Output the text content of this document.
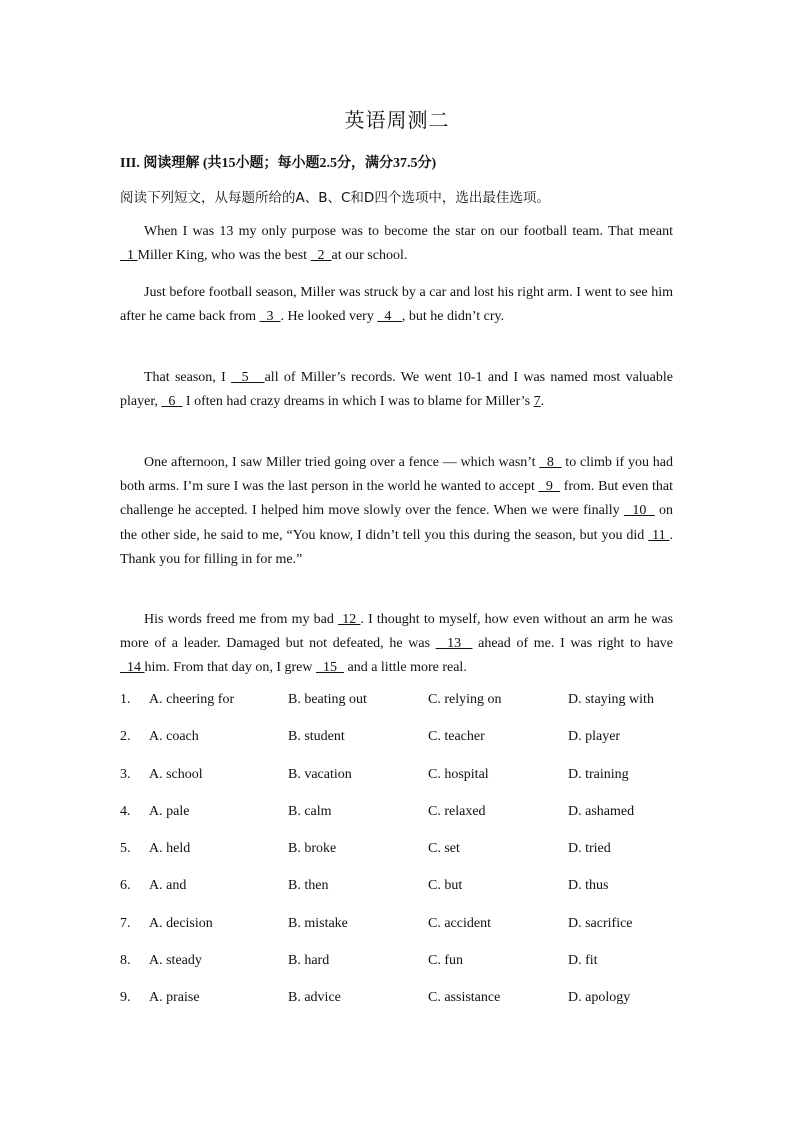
英语周测二
III. 阅读理解 (共15小题；每小题2.5分，满分37.5分)
阅读下列短文，从每题所给的A、B、C和D四个选项中，选出最佳选项。

When I was 13 my only purpose was to become the star on our football team. That meant   1 Miller King, who was the best   2  at our school.

Just before football season, Miller was struck by a car and lost his right arm. I went to see him after he came back from   3  . He looked very   4   , but he didn’t cry.

That season, I   5   all of Miller’s records. We went 10-1 and I was named most valuable player,   6   I often had crazy dreams in which I was to blame for Miller’s 7.

One afternoon, I saw Miller tried going over a fence — which wasn’t   8   to climb if you had both arms. I’m sure I was the last person in the world he wanted to accept   9   from. But even that challenge he accepted. I helped him move slowly over the fence. When we were finally   10   on the other side, he said to me, “You know, I didn’t tell you this during the season, but you did  11 . Thank you for filling in for me.”

His words freed me from my bad  12 . I thought to myself, how even without an arm he was more of a leader. Damaged but not defeated, he was   13   ahead of me. I was right to have   14 him. From that day on, I grew   15   and a little more real.

1. A. cheering for	B. beating out	C. relying on	D. staying with
2. A. coach	B. student	C. teacher	D. player
3. A. school	B. vacation	C. hospital	D. training
4. A. pale	B. calm	C. relaxed	D. ashamed
5. A. held	B. broke	C. set	D. tried
6. A. and	B. then	C. but	D. thus
7. A. decision	B. mistake	C. accident	D. sacrifice
8. A. steady	B. hard	C. fun	D. fit
9. A. praise	B. advice	C. assistance	D. apology
